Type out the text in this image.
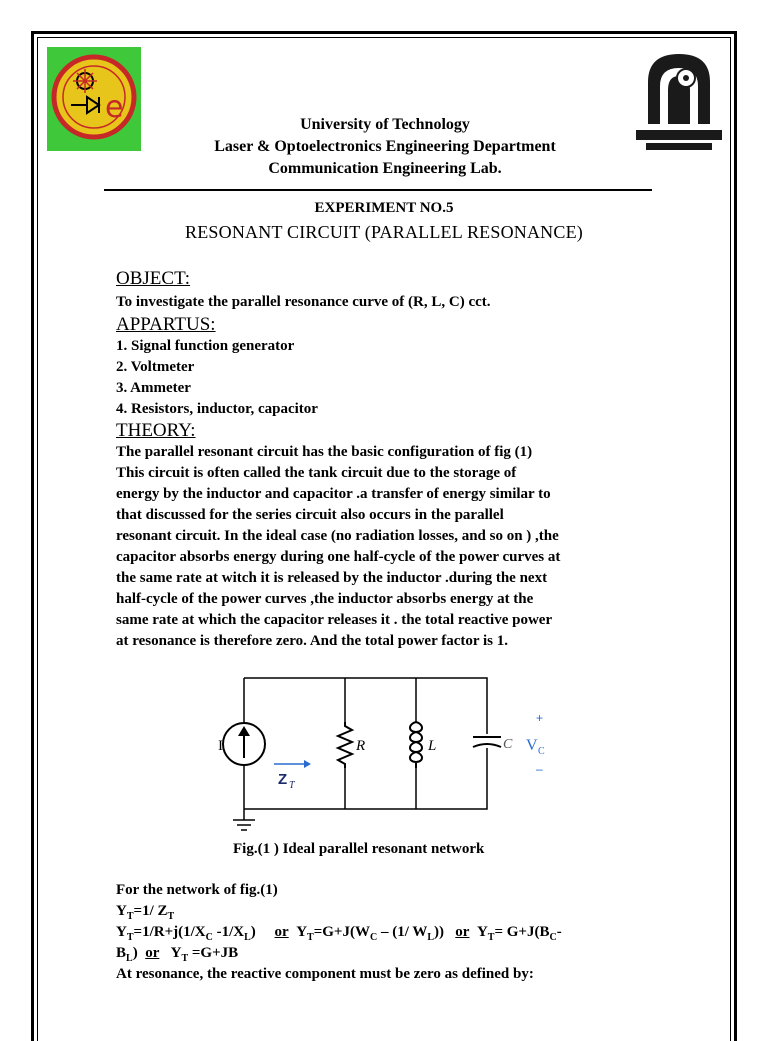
e	University of Technology
Laser & Optoelectronics Engineering Department
Communication Engineering Lab.
EXPERIMENT NO.5
RESONANT CIRCUIT (PARALLEL RESONANCE)
OBJECT:
To investigate the parallel resonance curve of (R, L, C) cct.
APPARTUS:
1. Signal function generator
2. Voltmeter
3. Ammeter
4. Resistors, inductor, capacitor
THEORY:
The parallel resonant circuit has the basic configuration of fig (1)
This circuit is often called the tank circuit due to the storage of
energy by the inductor and capacitor .a transfer of energy similar to
that discussed for the series circuit also occurs in the parallel
resonant circuit. In the ideal case (no radiation losses, and so on ) ,the
capacitor absorbs energy during one half-cycle of the power curves at
the same rate at witch it is released by the inductor .during the next
half-cycle of the power curves ,the inductor absorbs energy at the
same rate at which the capacitor releases it . the total reactive power
at resonance is therefore zero. And the total power factor is 1.
I	R	L	C
+
V C
–
Z T
Fig.(1 ) Ideal parallel resonant network
For the network of fig.(1)
$Y_T=1/$ $Z_T$
$Y_T=1/R+j(1/X_C$ $-1/X_L$) or $Y_T=G+J(W_C - (1/$ $W_L$)) or $Y_T= G+J(B_C-$
$B_L$) or $Y_T =G+JB$
At resonance, the reactive component must be zero as defined by:
